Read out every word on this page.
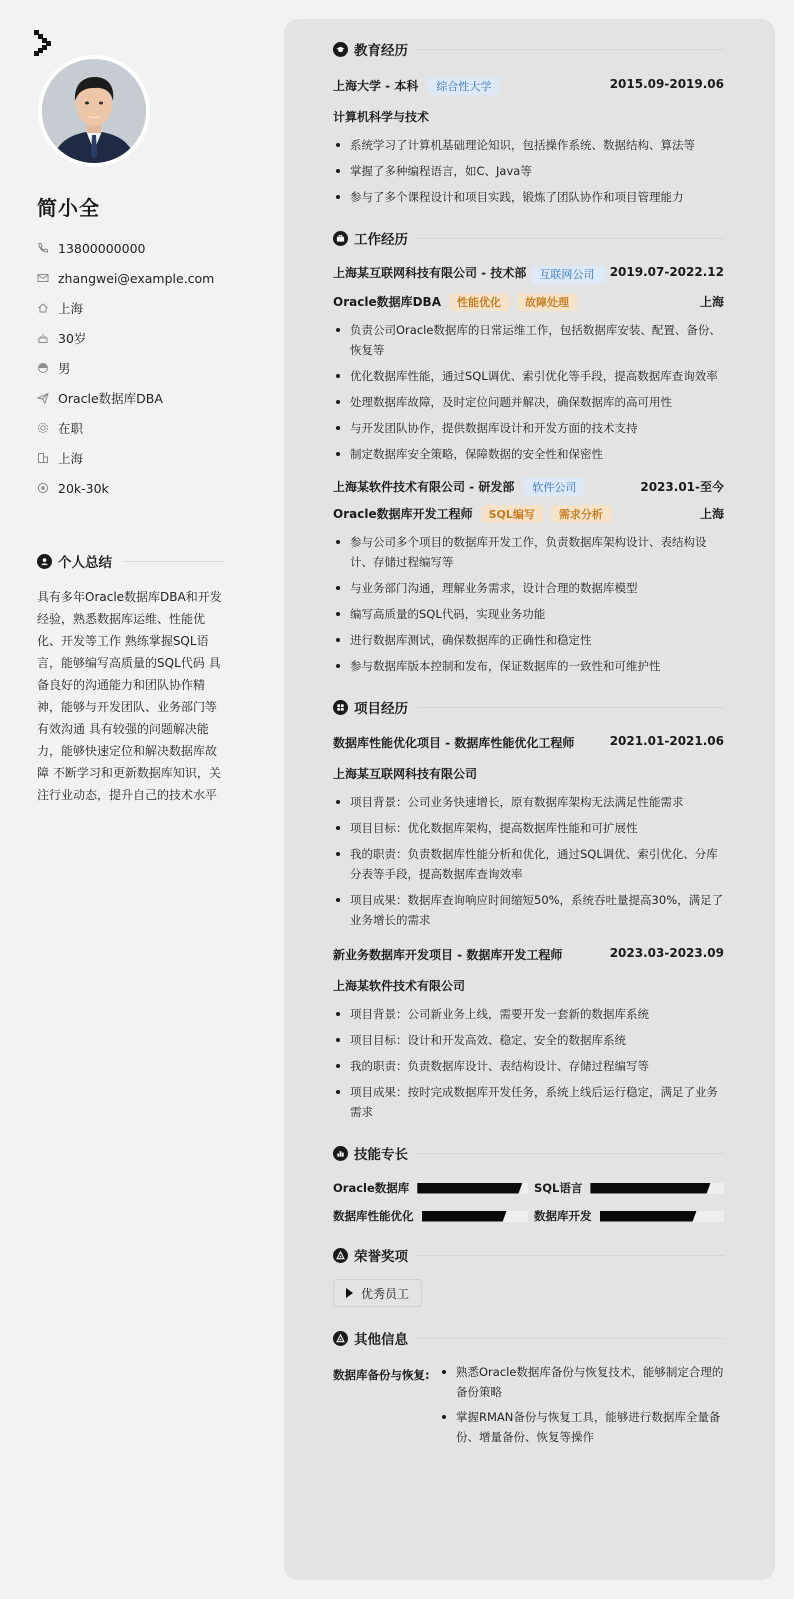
简小全
13800000000
zhangwei@example.com
上海
30岁
男
Oracle数据库DBA
在职
上海
20k-30k
个人总结
具有多年Oracle数据库DBA和开发经验，熟悉数据库运维、性能优化、开发等工作 熟练掌握SQL语言，能够编写高质量的SQL代码 具备良好的沟通能力和团队协作精神，能够与开发团队、业务部门等有效沟通 具有较强的问题解决能力，能够快速定位和解决数据库故障 不断学习和更新数据库知识，关注行业动态，提升自己的技术水平
教育经历
上海大学 - 本科 综合性大学	2015.09-2019.06
计算机科学与技术
系统学习了计算机基础理论知识，包括操作系统、数据结构、算法等
掌握了多种编程语言，如C、Java等
参与了多个课程设计和项目实践，锻炼了团队协作和项目管理能力
工作经历
上海某互联网科技有限公司 - 技术部	互联网公司	2019.07-2022.12
Oracle数据库DBA 性能优化 故障处理	上海
负责公司Oracle数据库的日常运维工作，包括数据库安装、配置、备份、恢复等
优化数据库性能，通过SQL调优、索引优化等手段，提高数据库查询效率
处理数据库故障，及时定位问题并解决，确保数据库的高可用性
与开发团队协作，提供数据库设计和开发方面的技术支持
制定数据库安全策略，保障数据的安全性和保密性
上海某软件技术有限公司 - 研发部 软件公司	2023.01-至今
Oracle数据库开发工程师 SQL编写 需求分析	上海
参与公司多个项目的数据库开发工作，负责数据库架构设计、表结构设计、存储过程编写等
与业务部门沟通，理解业务需求，设计合理的数据库模型
编写高质量的SQL代码，实现业务功能
进行数据库测试，确保数据库的正确性和稳定性
参与数据库版本控制和发布，保证数据库的一致性和可维护性
项目经历
数据库性能优化项目 - 数据库性能优化工程师	2021.01-2021.06
上海某互联网科技有限公司
项目背景：公司业务快速增长，原有数据库架构无法满足性能需求
项目目标：优化数据库架构，提高数据库性能和可扩展性
我的职责：负责数据库性能分析和优化，通过SQL调优、索引优化、分库分表等手段，提高数据库查询效率
项目成果：数据库查询响应时间缩短50%，系统吞吐量提高30%，满足了业务增长的需求
新业务数据库开发项目 - 数据库开发工程师	2023.03-2023.09
上海某软件技术有限公司
项目背景：公司新业务上线，需要开发一套新的数据库系统
项目目标：设计和开发高效、稳定、安全的数据库系统
我的职责：负责数据库设计、表结构设计、存储过程编写等
项目成果：按时完成数据库开发任务，系统上线后运行稳定，满足了业务需求
技能专长
Oracle数据库	SQL语言
数据库性能优化	数据库开发
荣誉奖项
优秀员工
其他信息
数据库备份与恢复:	熟悉Oracle数据库备份与恢复技术，能够制定合理的备份策略
掌握RMAN备份与恢复工具，能够进行数据库全量备份、增量备份、恢复等操作
